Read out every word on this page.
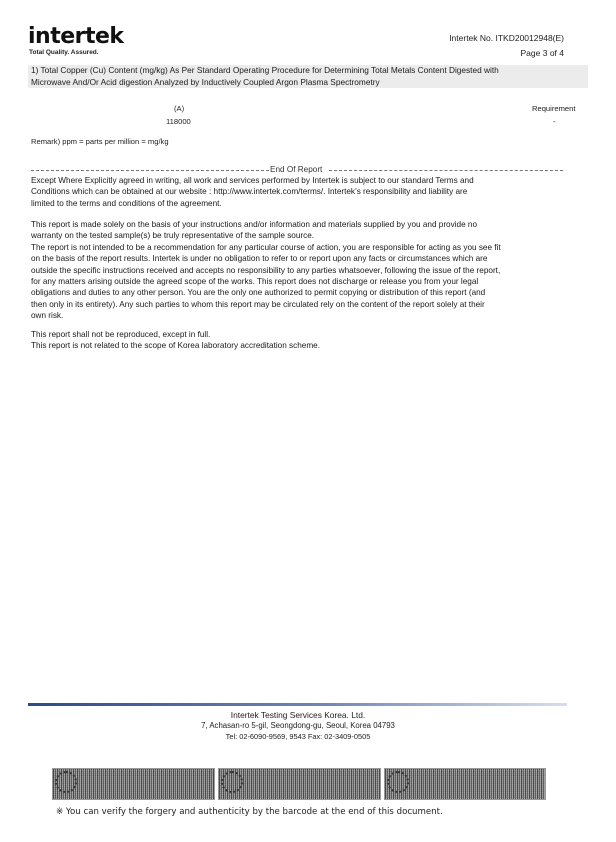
intertek
Total Quality. Assured.
Intertek No. ITKD20012948(E)
Page 3 of 4
1) Total Copper (Cu) Content (mg/kg) As Per Standard Operating Procedure for Determining Total Metals Content Digested with
Microwave And/Or Acid digestion Analyzed by Inductively Coupled Argon Plasma Spectrometry
(A)	Requirement
118000	-
Remark) ppm = parts per million = mg/kg
End Of Report

Except Where Explicitly agreed in writing, all work and services performed by Intertek is subject to our standard Terms and

Conditions which can be obtained at our website : http://www.intertek.com/terms/. Intertek’s responsibility and liability are

limited to the terms and conditions of the agreement.

This report is made solely on the basis of your instructions and/or information and materials supplied by you and provide no

warranty on the tested sample(s) be truly representative of the sample source.

The report is not intended to be a recommendation for any particular course of action, you are responsible for acting as you see fit

on the basis of the report results. Intertek is under no obligation to refer to or report upon any facts or circumstances which are

outside the specific instructions received and accepts no responsibility to any parties whatsoever, following the issue of the report,

for any matters arising outside the agreed scope of the works. This report does not discharge or release you from your legal

obligations and duties to any other person. You are the only one authorized to permit copying or distribution of this report (and

then only in its entirety). Any such parties to whom this report may be circulated rely on the content of the report solely at their

own risk.

This report shall not be reproduced, except in full.

This report is not related to the scope of Korea laboratory accreditation scheme.

Intertek Testing Services Korea. Ltd.
7, Achasan-ro 5-gil, Seongdong-gu, Seoul, Korea 04793
Tel: 02-6090-9569, 9543 Fax: 02-3409-0505
※ You can verify the forgery and authenticity by the barcode at the end of this document.
